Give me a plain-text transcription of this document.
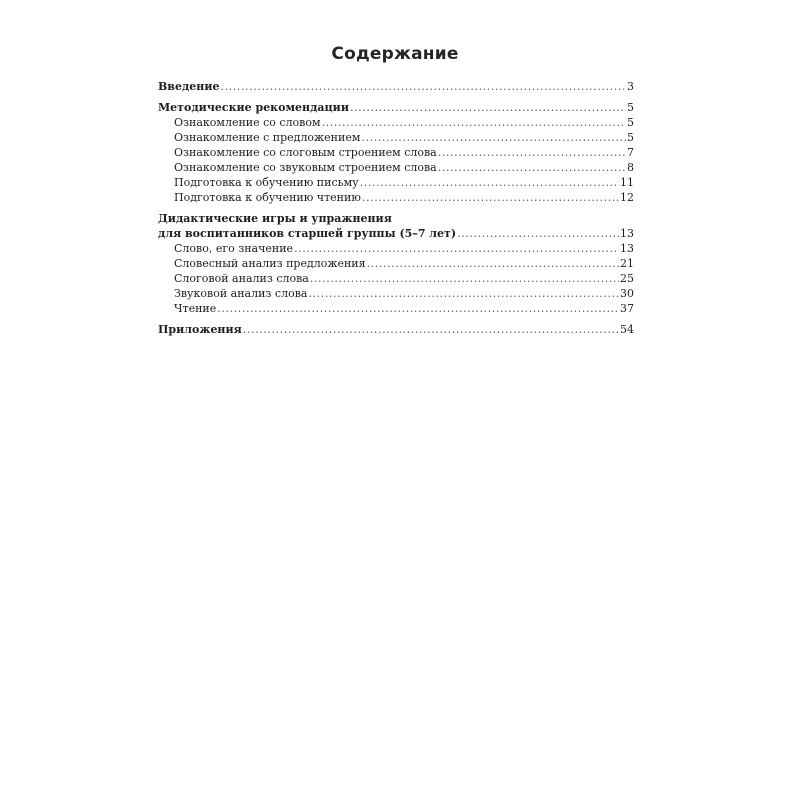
Содержание
Введение .....	3
Методические рекомендации .....	5
Ознакомление со словом .....	5
Ознакомление с предложением .....	5
Ознакомление со слоговым строением слова .....	7
Ознакомление со звуковым строением слова .....	8
Подготовка к обучению письму .....	11
Подготовка к обучению чтению .....	12
Дидактические игры и упражнения
для воспитанников старшей группы (5–7 лет) .....	13
Слово, его значение .....	13
Словесный анализ предложения .....	21
Слоговой анализ слова .....	25
Звуковой анализ слова .....	30
Чтение .....	37
Приложения .....	54
